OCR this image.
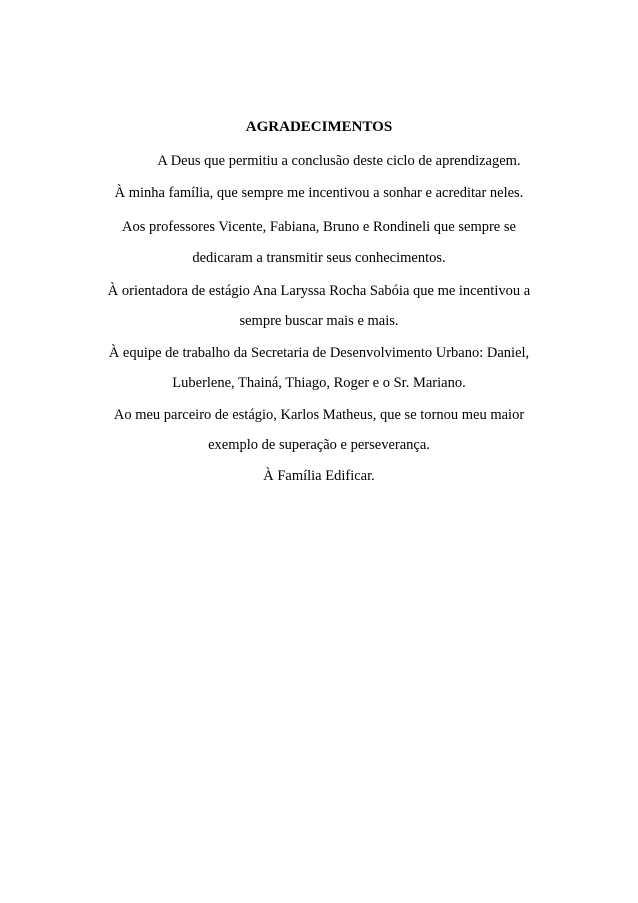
AGRADECIMENTOS
A Deus que permitiu a conclusão deste ciclo de aprendizagem.
À minha família, que sempre me incentivou a sonhar e acreditar neles.
Aos professores Vicente, Fabiana, Bruno e Rondineli que sempre se
dedicaram a transmitir seus conhecimentos.
À orientadora de estágio Ana Laryssa Rocha Sabóia que me incentivou a
sempre buscar mais e mais.
À equipe de trabalho da Secretaria de Desenvolvimento Urbano: Daniel,
Luberlene, Thainá, Thiago, Roger e o Sr. Mariano.
Ao meu parceiro de estágio, Karlos Matheus, que se tornou meu maior
exemplo de superação e perseverança.
À Família Edificar.
